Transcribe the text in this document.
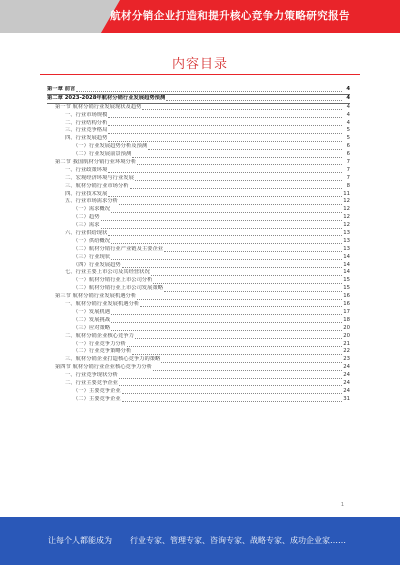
航材分销企业打造和提升核心竞争力策略研究报告
内容目录
第一章 前言	4
第二章 2023-2028年航材分销行业发展趋势预测	4
第一节 航材分销行业发展现状及趋势	4
一、行业市场规模	4
二、行业结构分析	4
三、行业竞争格局	5
四、行业发展趋势	5
（一）行业发展趋势分析及预测	6
（二）行业发展前景预测	6
第二节 我国航材分销行业环境分析	7
一、行业政策环境	7
二、宏观经济环境与行业发展	7
三、航材分销行业市场分析	8
四、行业技术发展	11
五、行业市场需求分析	12
（一）需求概况	12
（二）趋势	12
（三）需求	12
六、行业供给现状	13
（一）供给概况	13
（二）航材分销行业产业链及主要企业	13
（三）行业现状	14
（四）行业发展趋势	14
七、行业主要上市公司及其经营状况	14
（一）航材分销行业上市公司分析	15
（二）航材分销行业上市公司发展策略	15
第三节 航材分销行业发展机遇分析	16
一、航材分销行业发展机遇分析	16
（一）发展机遇	17
（二）发展挑战	18
（三）应对策略	20
二、航材分销企业核心竞争力	20
（一）行业竞争力分析	21
（二）行业竞争策略分析	22
三、航材分销企业打造核心竞争力的策略	23
第四节 航材分销行业企业核心竞争力分析	24
一、行业竞争现状分析	24
二、行业主要竞争企业	24
（一）主要竞争企业	24
（二）主要竞争企业	31
1
让每个人都能成为 行业专家、管理专家、咨询专家、战略专家、成功企业家……
